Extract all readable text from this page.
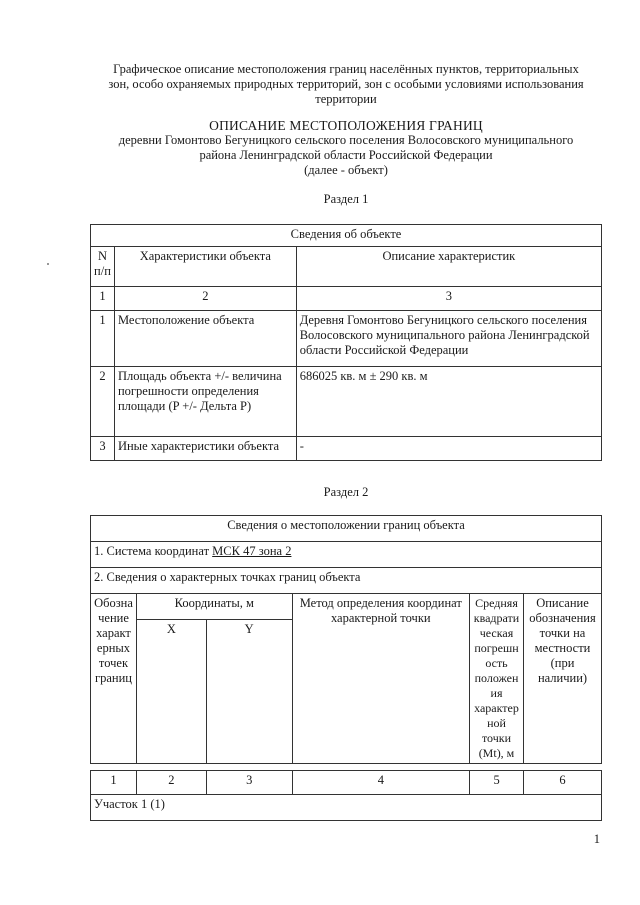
Графическое описание местоположения границ населённых пунктов, территориальных
зон, особо охраняемых природных территорий, зон с особыми условиями использования
территории
ОПИСАНИЕ МЕСТОПОЛОЖЕНИЯ ГРАНИЦ
деревни Гомонтово Бегуницкого сельского поселения Волосовского муниципального
района Ленинградской области Российской Федерации
(далее - объект)
Раздел 1
Сведения об объекте		
N п/п	Характеристики объекта	Описание характеристик
1	2	3
1	Местоположение объекта	Деревня Гомонтово Бегуницкого сельского поселения Волосовского муниципального района Ленинградской области Российской Федерации
2	Площадь объекта +/- величина погрешности определения площади (P +/- Дельта P)	686025 кв. м ± 290 кв. м
3	Иные характеристики объекта	-
Раздел 2
Сведения о местоположении границ объекта					
1. Система координат МСК 47 зона 2					
2. Сведения о характерных точках границ объекта					
Обозна чение характ ерных точек границ	Координаты, м		Метод определения координат характерной точки	Средняя квадрати ческая погрешн ость положен ия характер ной точки (Mt), м	Описание обозначения точки на местности (при наличии)
	X	Y			
1	2	3	4	5	6
Участок 1 (1)
1
